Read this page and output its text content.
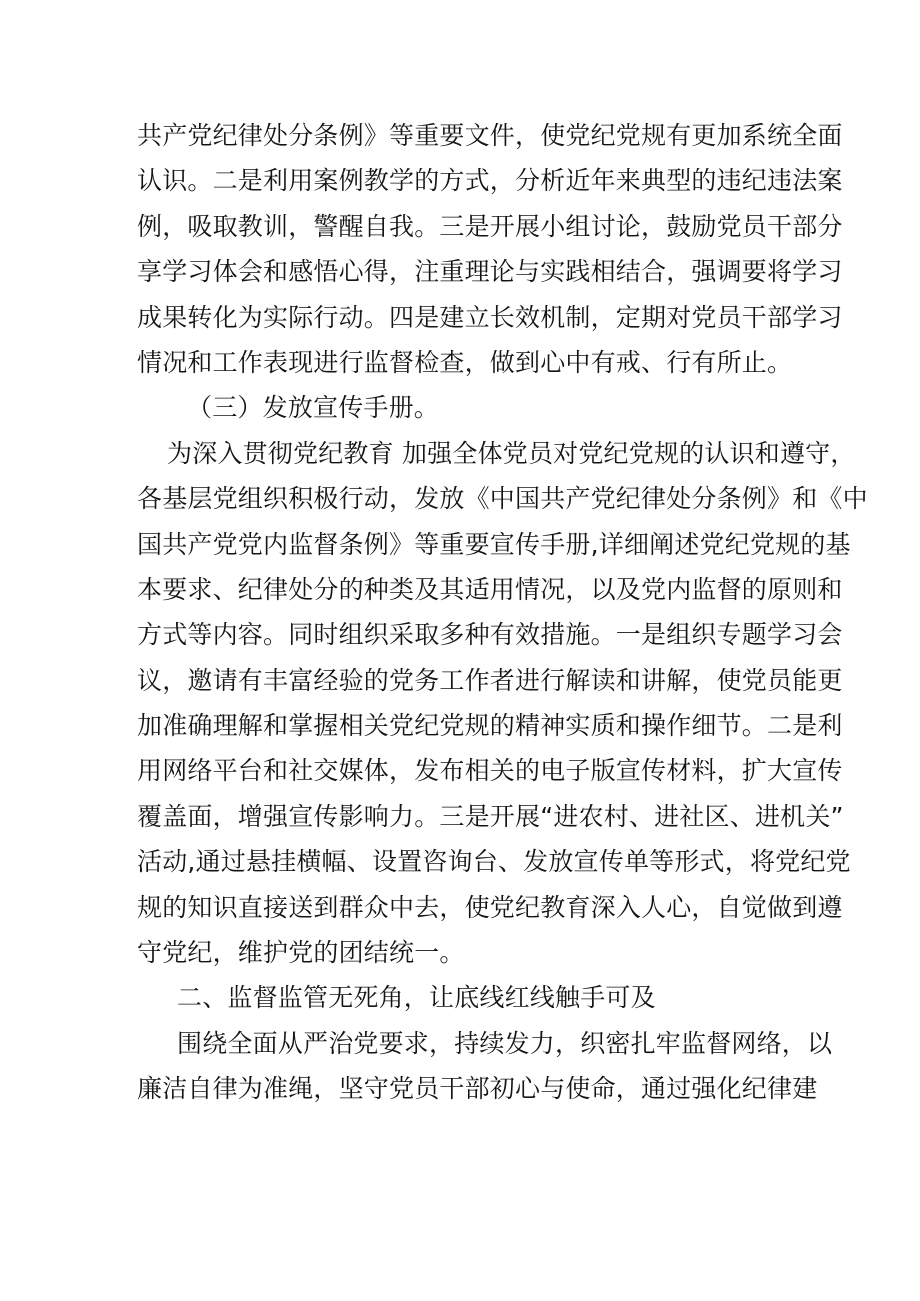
共产党纪律处分条例》等重要文件，使党纪党规有更加系统全面
认识。二是利用案例教学的方式，分析近年来典型的违纪违法案
例，吸取教训，警醒自我。三是开展小组讨论，鼓励党员干部分
享学习体会和感悟心得，注重理论与实践相结合，强调要将学习
成果转化为实际行动。四是建立长效机制，定期对党员干部学习
情况和工作表现进行监督检查，做到心中有戒、行有所止。
（三）发放宣传手册。
为深入贯彻党纪教育 加强全体党员对党纪党规的认识和遵守，
各基层党组织积极行动，发放《中国共产党纪律处分条例》和《中
国共产党党内监督条例》等重要宣传手册,详细阐述党纪党规的基
本要求、纪律处分的种类及其适用情况，以及党内监督的原则和
方式等内容。同时组织采取多种有效措施。一是组织专题学习会
议，邀请有丰富经验的党务工作者进行解读和讲解，使党员能更
加准确理解和掌握相关党纪党规的精神实质和操作细节。二是利
用网络平台和社交媒体，发布相关的电子版宣传材料，扩大宣传
覆盖面，增强宣传影响力。三是开展“进农村、进社区、进机关”
活动,通过悬挂横幅、设置咨询台、发放宣传单等形式，将党纪党
规的知识直接送到群众中去，使党纪教育深入人心，自觉做到遵
守党纪，维护党的团结统一。
二、监督监管无死角，让底线红线触手可及
围绕全面从严治党要求，持续发力，织密扎牢监督网络，以
廉洁自律为准绳，坚守党员干部初心与使命，通过强化纪律建
